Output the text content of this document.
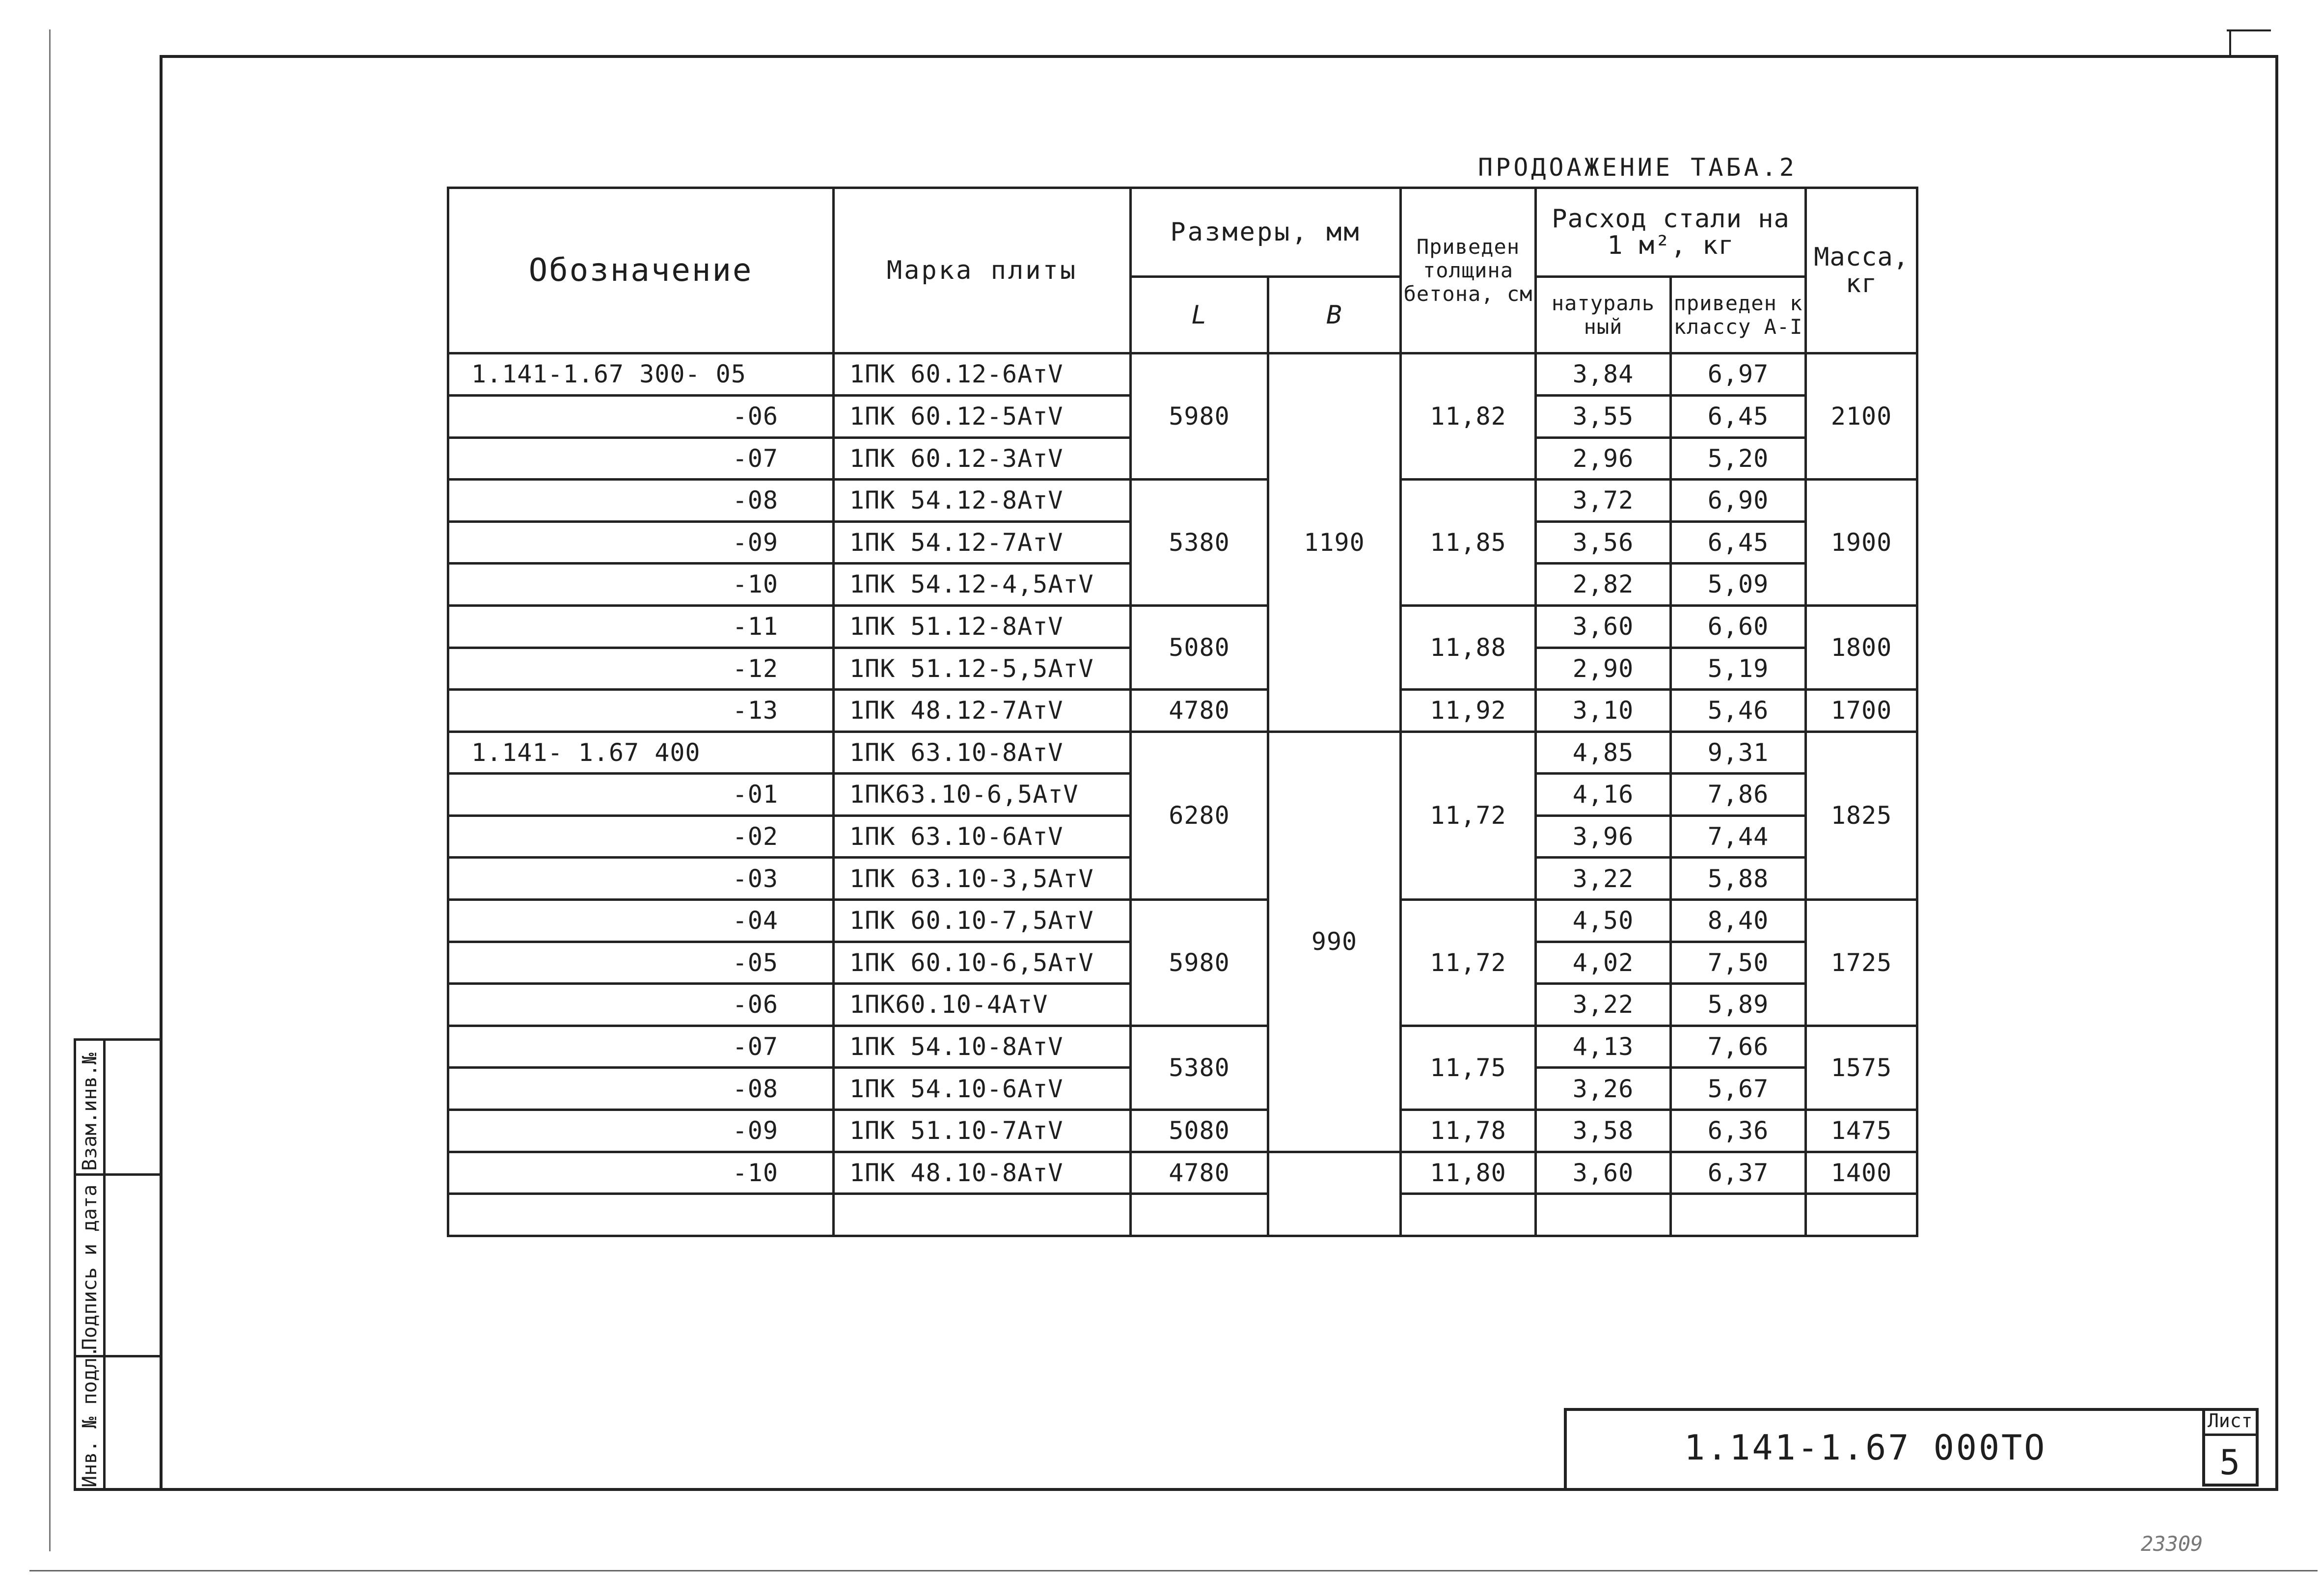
Инв. № подл.
Подпись и дата
Взам.инв.№
ПРОДОАЖЕНИЕ ТАБА.2
Обозначение	Марка плиты	Размеры, мм		Приведен толщина бетона, см	Расход стали на 1 м², кг		Масса, кг	
		L	B		натураль ный	приведен к классу А-I		
1.141-1.67 300- 05	1ПК 60.12-6АтV	5980	1190	11,82	3,84	6,97	2100	
-06	1ПК 60.12-5АтV				3,55	6,45		
-07	1ПК 60.12-3АтV				2,96	5,20		
-08	1ПК 54.12-8АтV	5380		11,85	3,72	6,90	1900	
-09	1ПК 54.12-7АтV				3,56	6,45		
-10	1ПК 54.12-4,5АтV				2,82	5,09		
-11	1ПК 51.12-8АтV	5080		11,88	3,60	6,60	1800	
-12	1ПК 51.12-5,5АтV				2,90	5,19		
-13	1ПК 48.12-7АтV	4780		11,92	3,10	5,46	1700	
1.141- 1.67 400	1ПК 63.10-8АтV	6280	990	11,72	4,85	9,31	1825	
-01	1ПК63.10-6,5АтV				4,16	7,86		
-02	1ПК 63.10-6АтV				3,96	7,44		
-03	1ПК 63.10-3,5АтV				3,22	5,88		
-04	1ПК 60.10-7,5АтV	5980		11,72	4,50	8,40	1725	
-05	1ПК 60.10-6,5АтV				4,02	7,50		
-06	1ПК60.10-4АтV				3,22	5,89		
-07	1ПК 54.10-8АтV	5380		11,75	4,13	7,66	1575	
-08	1ПК 54.10-6АтV				3,26	5,67		
-09	1ПК 51.10-7АтV	5080		11,78	3,58	6,36	1475	
-10	1ПК 48.10-8АтV	4780		11,80	3,60	6,37	1400	

1.141-1.67 000ТО
Лист
5
23309
